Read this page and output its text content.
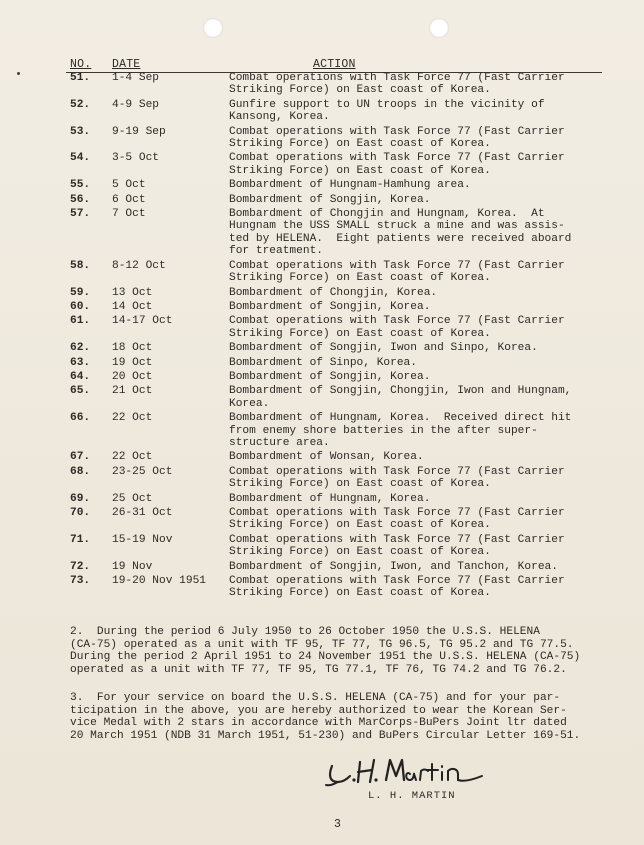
NO. DATE	ACTION
51.	1-4 Sep	Combat operations with Task Force 77 (Fast Carrier
Striking Force) on East coast of Korea.
52.	4-9 Sep	Gunfire support to UN troops in the vicinity of
Kansong, Korea.
53.	9-19 Sep	Combat operations with Task Force 77 (Fast Carrier
Striking Force) on East coast of Korea.
54.	3-5 Oct	Combat operations with Task Force 77 (Fast Carrier
Striking Force) on East coast of Korea.
55.	5 Oct	Bombardment of Hungnam-Hamhung area.
56.	6 Oct	Bombardment of Songjin, Korea.
57.	7 Oct	Bombardment of Chongjin and Hungnam, Korea.  At
Hungnam the USS SMALL struck a mine and was assis-
ted by HELENA.  Eight patients were received aboard
for treatment.
58.	8-12 Oct	Combat operations with Task Force 77 (Fast Carrier
Striking Force) on East coast of Korea.
59.	13 Oct	Bombardment of Chongjin, Korea.
60.	14 Oct	Bombardment of Songjin, Korea.
61.	14-17 Oct	Combat operations with Task Force 77 (Fast Carrier
Striking Force) on East coast of Korea.
62.	18 Oct	Bombardment of Songjin, Iwon and Sinpo, Korea.
63.	19 Oct	Bombardment of Sinpo, Korea.
64.	20 Oct	Bombardment of Songjin, Korea.
65.	21 Oct	Bombardment of Songjin, Chongjin, Iwon and Hungnam,
Korea.
66.	22 Oct	Bombardment of Hungnam, Korea.  Received direct hit
from enemy shore batteries in the after super-
structure area.
67.	22 Oct	Bombardment of Wonsan, Korea.
68.	23-25 Oct	Combat operations with Task Force 77 (Fast Carrier
Striking Force) on East coast of Korea.
69.	25 Oct	Bombardment of Hungnam, Korea.
70.	26-31 Oct	Combat operations with Task Force 77 (Fast Carrier
Striking Force) on East coast of Korea.
71.	15-19 Nov	Combat operations with Task Force 77 (Fast Carrier
Striking Force) on East coast of Korea.
72.	19 Nov	Bombardment of Songjin, Iwon, and Tanchon, Korea.
73.	19-20 Nov 1951	Combat operations with Task Force 77 (Fast Carrier
Striking Force) on East coast of Korea.
2.  During the period 6 July 1950 to 26 October 1950 the U.S.S. HELENA
(CA-75) operated as a unit with TF 95, TF 77, TG 96.5, TG 95.2 and TG 77.5.
During the period 2 April 1951 to 24 November 1951 the U.S.S. HELENA (CA-75)
operated as a unit with TF 77, TF 95, TG 77.1, TF 76, TG 74.2 and TG 76.2.
3.  For your service on board the U.S.S. HELENA (CA-75) and for your par-
ticipation in the above, you are hereby authorized to wear the Korean Ser-
vice Medal with 2 stars in accordance with MarCorps-BuPers Joint ltr dated
20 March 1951 (NDB 31 March 1951, 51-230) and BuPers Circular Letter 169-51.
L. H. Martin
L. H. MARTIN
3
